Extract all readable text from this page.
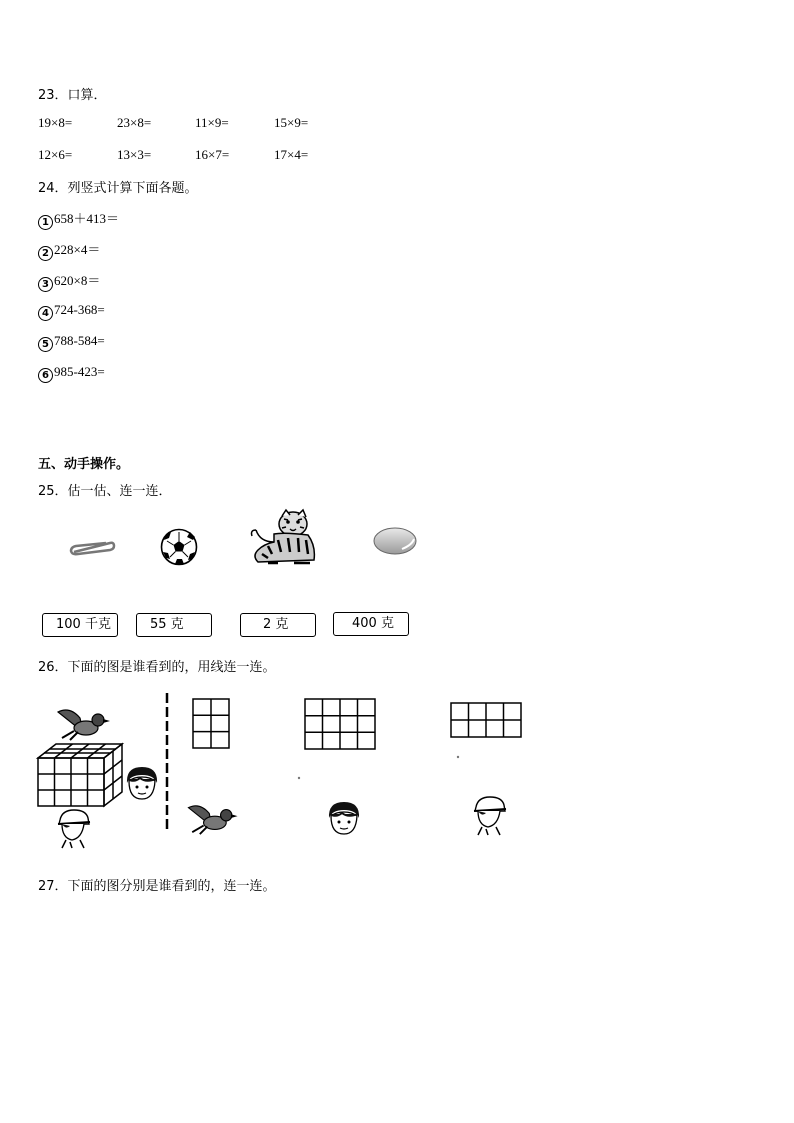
23．口算．
19×8=	23×8=	11×9=	15×9=
12×6=	13×3=	16×7=	17×4=
24．列竖式计算下面各题。
1 658＋413＝
2 228×4＝
3 620×8＝
4 724-368=
5 788-584=
6 985-423=
五、动手操作。
25．估一估、连一连．
100 千克	55 克	2 克	400 克
26．下面的图是谁看到的，用线连一连。
27．下面的图分别是谁看到的，连一连。
